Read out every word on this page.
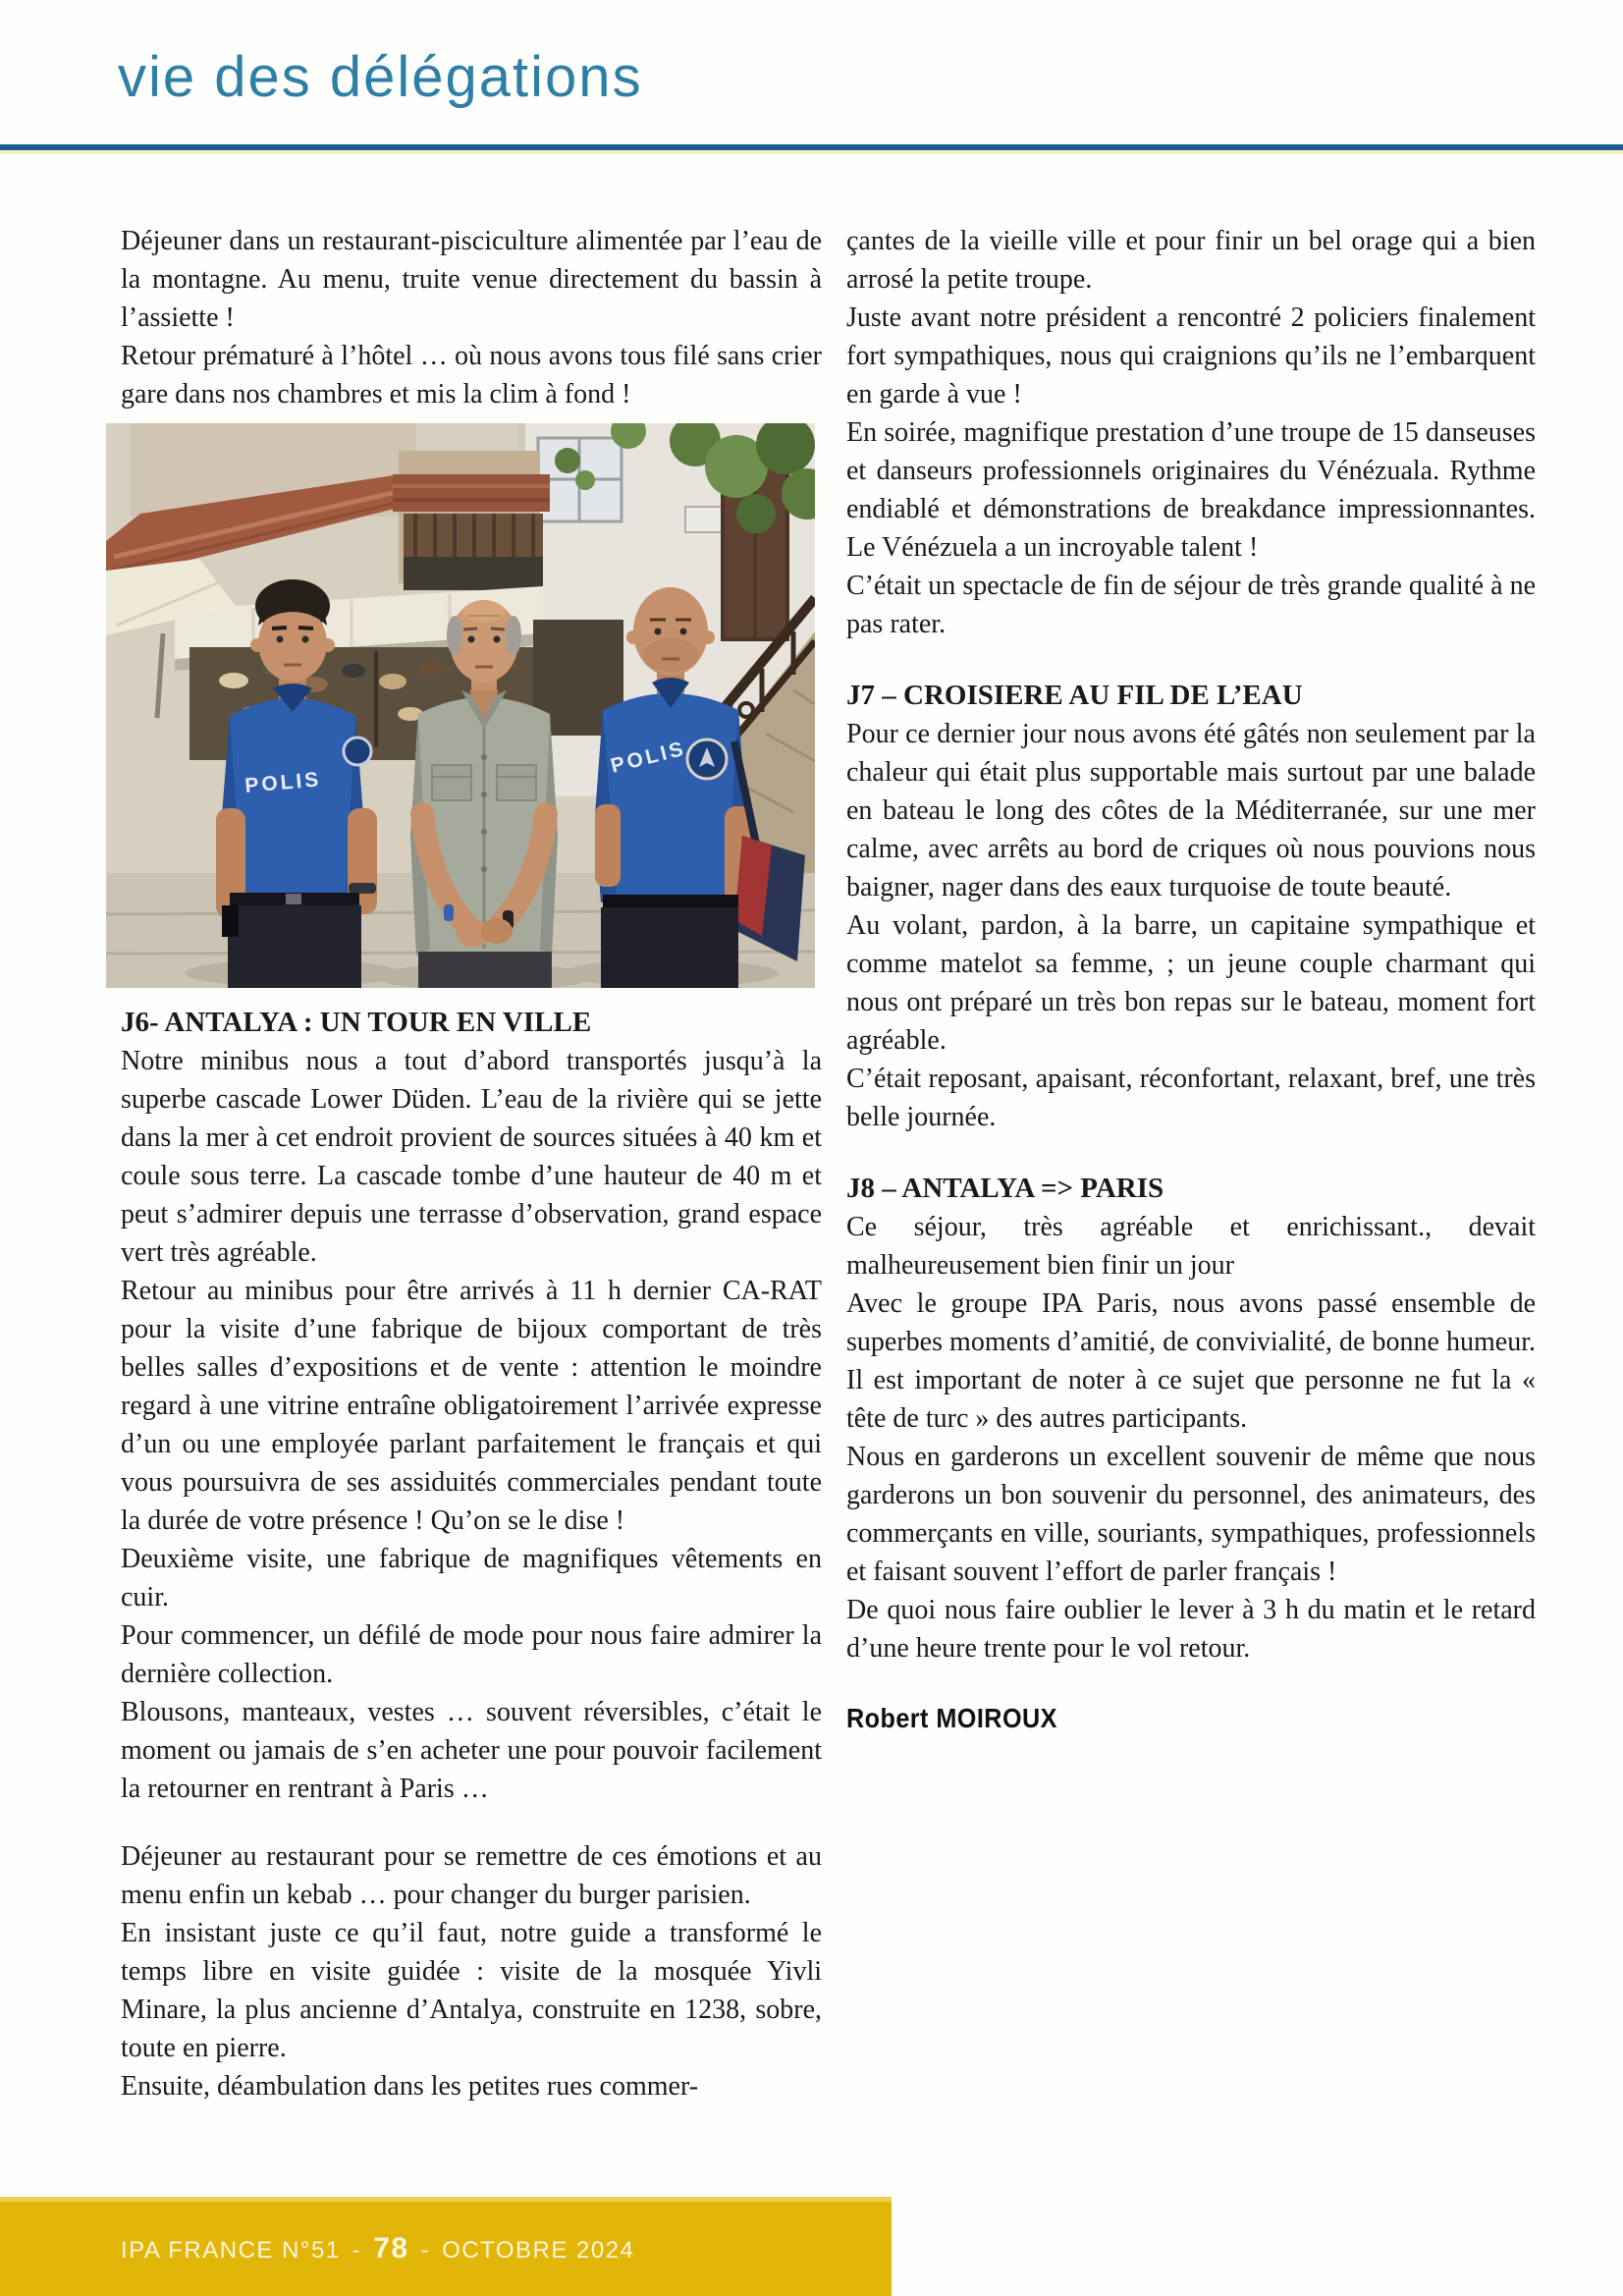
vie des délégations

Déjeuner dans un restaurant-pisciculture alimentée par l’eau de la montagne. Au menu, truite venue directement du bassin à l’assiette !

Retour prématuré à l’hôtel … où nous avons tous filé sans crier gare dans nos chambres et mis la clim à fond !

POLIS
POLIS
J6- ANTALYA : UN TOUR EN VILLE

Notre minibus nous a tout d’abord transportés jusqu’à la superbe cascade Lower Düden. L’eau de la rivière qui se jette dans la mer à cet endroit provient de sources situées à 40 km et coule sous terre. La cascade tombe d’une hauteur de 40 m et peut s’admirer depuis une terrasse d’observation, grand espace vert très agréable.

Retour au minibus pour être arrivés à 11 h dernier CA-RAT pour la visite d’une fabrique de bijoux comportant de très belles salles d’expositions et de vente : attention le moindre regard à une vitrine entraîne obligatoirement l’arrivée expresse d’un ou une employée parlant parfaitement le français et qui vous poursuivra de ses assiduités commerciales pendant toute la durée de votre présence ! Qu’on se le dise !

Deuxième visite, une fabrique de magnifiques vêtements en cuir.

Pour commencer, un défilé de mode pour nous faire admirer la dernière collection.

Blousons, manteaux, vestes … souvent réversibles, c’était le moment ou jamais de s’en acheter une pour pouvoir facilement la retourner en rentrant à Paris …

Déjeuner au restaurant pour se remettre de ces émotions et au menu enfin un kebab … pour changer du burger parisien.

En insistant juste ce qu’il faut, notre guide a transformé le temps libre en visite guidée : visite de la mosquée Yivli Minare, la plus ancienne d’Antalya, construite en 1238, sobre, toute en pierre.

Ensuite, déambulation dans les petites rues commer-

çantes de la vieille ville et pour finir un bel orage qui a bien arrosé la petite troupe.

Juste avant notre président a rencontré 2 policiers finalement fort sympathiques, nous qui craignions qu’ils ne l’embarquent en garde à vue !

En soirée, magnifique prestation d’une troupe de 15 danseuses et danseurs professionnels originaires du Vénézuala. Rythme endiablé et démonstrations de breakdance impressionnantes. Le Vénézuela a un incroyable talent !

C’était un spectacle de fin de séjour de très grande qualité à ne pas rater.

J7 – CROISIERE AU FIL DE L’EAU

Pour ce dernier jour nous avons été gâtés non seulement par la chaleur qui était plus supportable mais surtout par une balade en bateau le long des côtes de la Méditerranée, sur une mer calme, avec arrêts au bord de criques où nous pouvions nous baigner, nager dans des eaux turquoise de toute beauté.

Au volant, pardon, à la barre, un capitaine sympathique et comme matelot sa femme, ; un jeune couple charmant qui nous ont préparé un très bon repas sur le bateau, moment fort agréable.

C’était reposant, apaisant, réconfortant, relaxant, bref, une très belle journée.

J8 – ANTALYA => PARIS

Ce séjour, très agréable et enrichissant., devait malheureusement bien finir un jour

Avec le groupe IPA Paris, nous avons passé ensemble de superbes moments d’amitié, de convivialité, de bonne humeur. Il est important de noter à ce sujet que personne ne fut la « tête de turc » des autres participants.

Nous en garderons un excellent souvenir de même que nous garderons un bon souvenir du personnel, des animateurs, des commerçants en ville, souriants, sympathiques, professionnels et faisant souvent l’effort de parler français !

De quoi nous faire oublier le lever à 3 h du matin et le retard d’une heure trente pour le vol retour.

Robert MOIROUX
IPA FRANCE N°51 - 78 - OCTOBRE 2024
